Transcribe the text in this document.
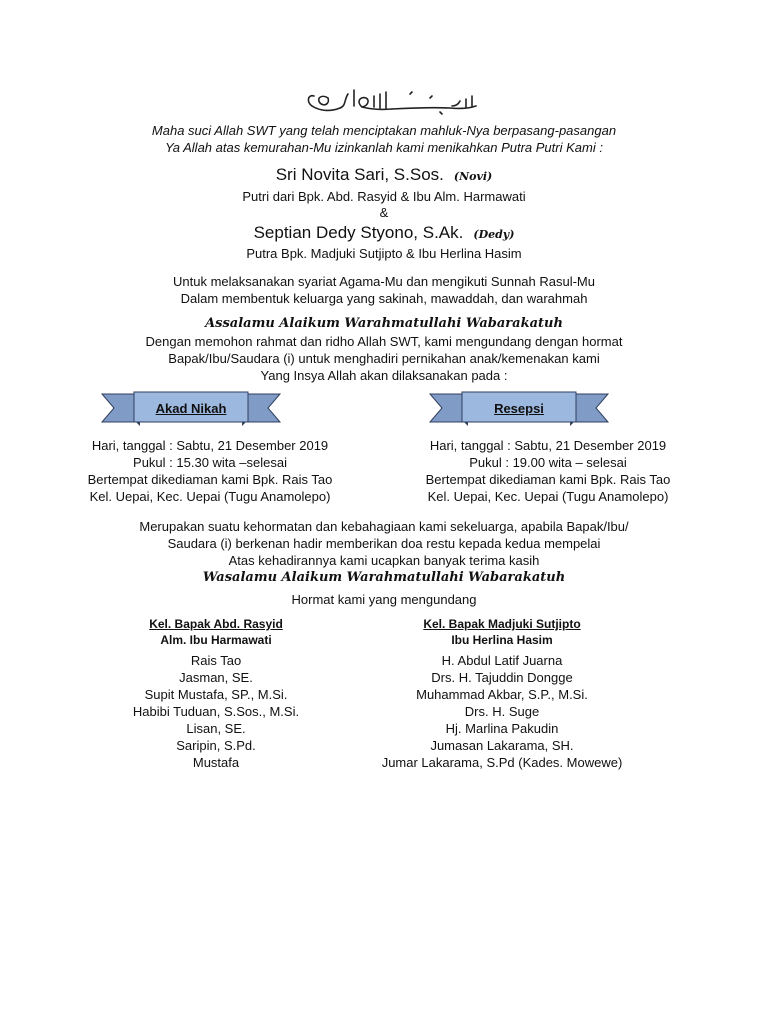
Maha suci Allah SWT yang telah menciptakan mahluk-Nya berpasang-pasangan
Ya Allah atas kemurahan-Mu izinkanlah kami menikahkan Putra Putri Kami :
Sri Novita Sari, S.Sos. (Novi)
Putri dari Bpk. Abd. Rasyid & Ibu Alm. Harmawati
&
Septian Dedy Styono, S.Ak. (Dedy)
Putra Bpk. Madjuki Sutjipto & Ibu Herlina Hasim
Untuk melaksanakan syariat Agama-Mu dan mengikuti Sunnah Rasul-Mu
Dalam membentuk keluarga yang sakinah, mawaddah, dan warahmah
Assalamu Alaikum Warahmatullahi Wabarakatuh
Dengan memohon rahmat dan ridho Allah SWT, kami mengundang dengan hormat
Bapak/Ibu/Saudara (i) untuk menghadiri pernikahan anak/kemenakan kami
Yang Insya Allah akan dilaksanakan pada :
Akad Nikah	Resepsi
Hari, tanggal : Sabtu, 21 Desember 2019
Pukul : 15.30 wita –selesai
Bertempat dikediaman kami Bpk. Rais Tao
Kel. Uepai, Kec. Uepai (Tugu Anamolepo)
Hari, tanggal : Sabtu, 21 Desember 2019
Pukul : 19.00 wita – selesai
Bertempat dikediaman kami Bpk. Rais Tao
Kel. Uepai, Kec. Uepai (Tugu Anamolepo)
Merupakan suatu kehormatan dan kebahagiaan kami sekeluarga, apabila Bapak/Ibu/
Saudara (i) berkenan hadir memberikan doa restu kepada kedua mempelai
Atas kehadirannya kami ucapkan banyak terima kasih
Wasalamu Alaikum Warahmatullahi Wabarakatuh
Hormat kami yang mengundang
Kel. Bapak Abd. Rasyid
Alm. Ibu Harmawati
Rais Tao
Jasman, SE.
Supit Mustafa, SP., M.Si.
Habibi Tuduan, S.Sos., M.Si.
Lisan, SE.
Saripin, S.Pd.
Mustafa
Kel. Bapak Madjuki Sutjipto
Ibu Herlina Hasim
H. Abdul Latif Juarna
Drs. H. Tajuddin Dongge
Muhammad Akbar, S.P., M.Si.
Drs. H. Suge
Hj. Marlina Pakudin
Jumasan Lakarama, SH.
Jumar Lakarama, S.Pd (Kades. Mowewe)
